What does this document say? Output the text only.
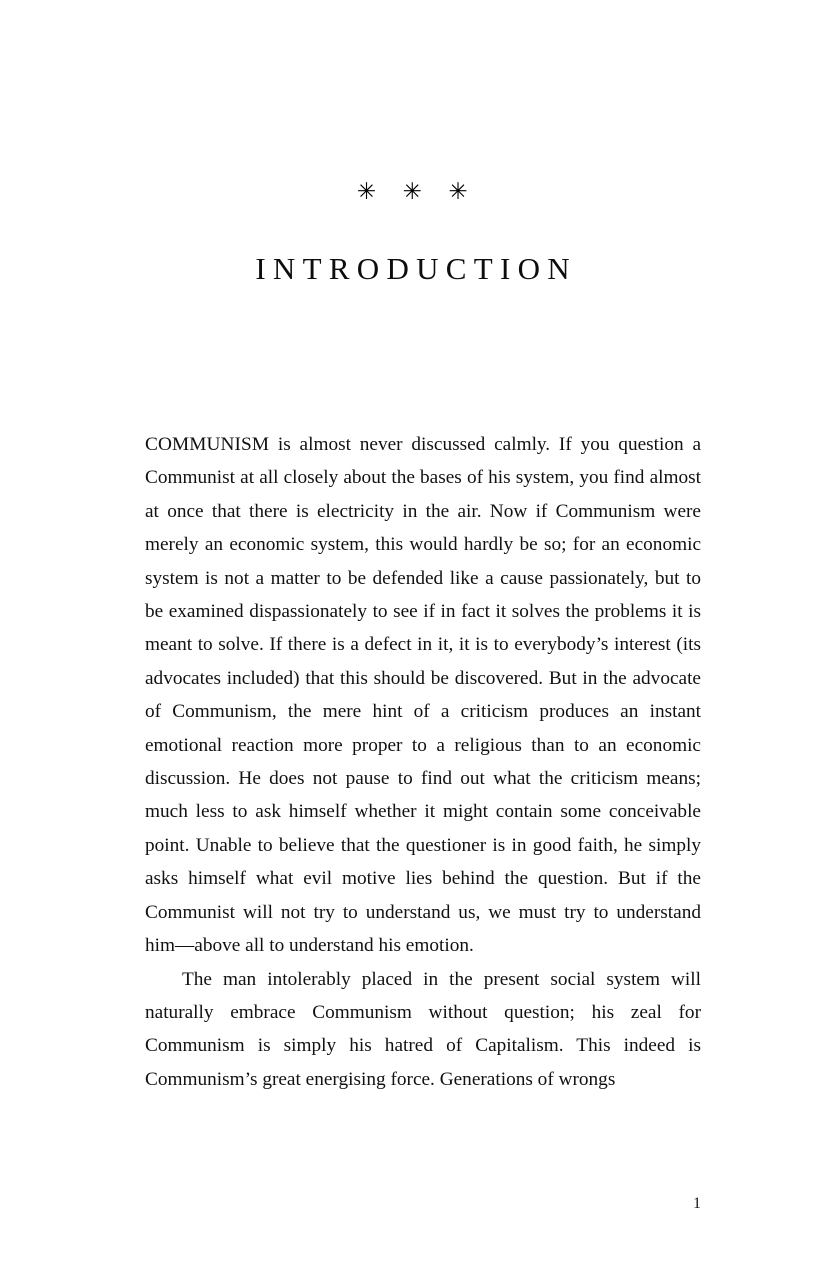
✳ ✳ ✳
INTRODUCTION

COMMUNISM is almost never discussed calmly. If you question a Communist at all closely about the bases of his system, you find almost at once that there is electricity in the air. Now if Communism were merely an economic system, this would hardly be so; for an economic system is not a matter to be defended like a cause passionately, but to be examined dispassionately to see if in fact it solves the problems it is meant to solve. If there is a defect in it, it is to everybody’s interest (its advocates included) that this should be discovered. But in the advocate of Communism, the mere hint of a criticism produces an instant emotional reaction more proper to a religious than to an economic discussion. He does not pause to find out what the criticism means; much less to ask himself whether it might contain some conceivable point. Unable to believe that the questioner is in good faith, he simply asks himself what evil motive lies behind the question. But if the Communist will not try to understand us, we must try to understand him—above all to understand his emotion.

The man intolerably placed in the present social system will naturally embrace Communism without question; his zeal for Communism is simply his hatred of Capitalism. This indeed is Communism’s great energising force. Generations of wrongs

1
